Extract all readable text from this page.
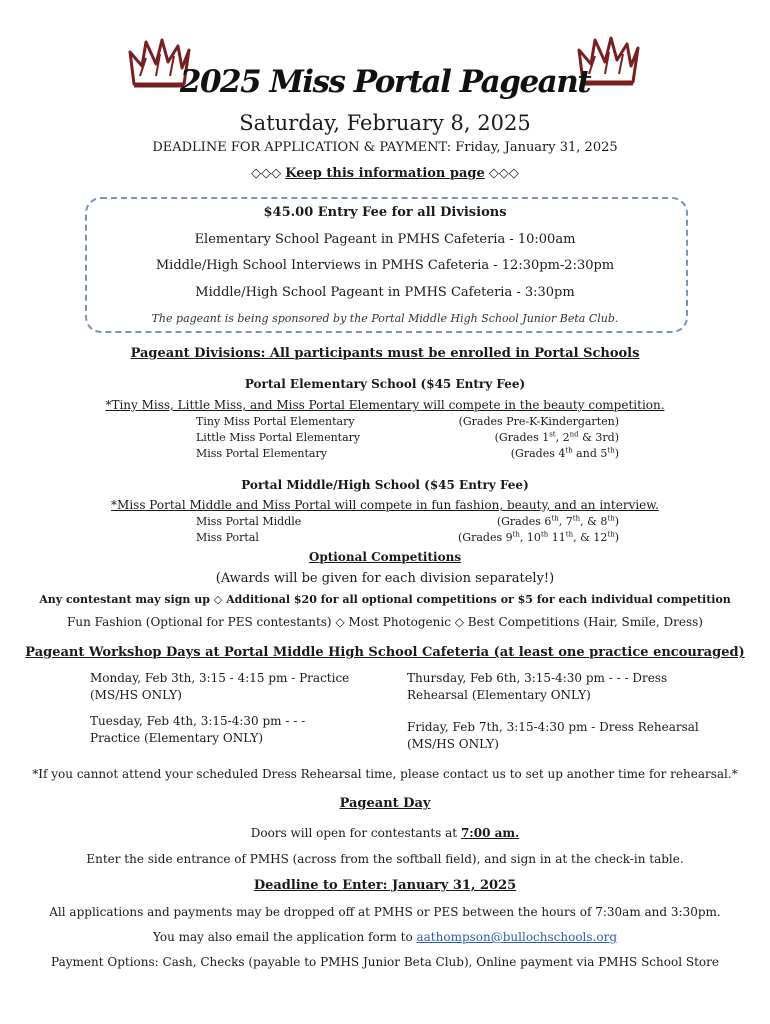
2025 Miss Portal Pageant
Saturday, February 8, 2025
DEADLINE FOR APPLICATION & PAYMENT: Friday, January 31, 2025
◇◇◇ Keep this information page ◇◇◇
$45.00 Entry Fee for all Divisions
Elementary School Pageant in PMHS Cafeteria - 10:00am
Middle/High School Interviews in PMHS Cafeteria - 12:30pm-2:30pm
Middle/High School Pageant in PMHS Cafeteria - 3:30pm
The pageant is being sponsored by the Portal Middle High School Junior Beta Club.
Pageant Divisions: All participants must be enrolled in Portal Schools
Portal Elementary School ($45 Entry Fee)
*Tiny Miss, Little Miss, and Miss Portal Elementary will compete in the beauty competition.
Tiny Miss Portal Elementary	(Grades Pre-K-Kindergarten)
Little Miss Portal Elementary	(Grades 1st, 2nd & 3rd)
Miss Portal Elementary	(Grades 4th and 5th)
Portal Middle/High School ($45 Entry Fee)
*Miss Portal Middle and Miss Portal will compete in fun fashion, beauty, and an interview.
Miss Portal Middle	(Grades 6th, 7th, & 8th)
Miss Portal	(Grades 9th, 10th 11th, & 12th)
Optional Competitions
(Awards will be given for each division separately!)
Any contestant may sign up ◇ Additional $20 for all optional competitions or $5 for each individual competition
Fun Fashion (Optional for PES contestants) ◇ Most Photogenic ◇ Best Competitions (Hair, Smile, Dress)
Pageant Workshop Days at Portal Middle High School Cafeteria (at least one practice encouraged)
Monday, Feb 3th, 3:15 - 4:15 pm - Practice (MS/HS ONLY)
Tuesday, Feb 4th, 3:15-4:30 pm - - - Practice (Elementary ONLY)
Thursday, Feb 6th, 3:15-4:30 pm - - - Dress Rehearsal (Elementary ONLY)
Friday, Feb 7th, 3:15-4:30 pm - Dress Rehearsal (MS/HS ONLY)
*If you cannot attend your scheduled Dress Rehearsal time, please contact us to set up another time for rehearsal.*
Pageant Day
Doors will open for contestants at 7:00 am.
Enter the side entrance of PMHS (across from the softball field), and sign in at the check-in table.
Deadline to Enter: January 31, 2025
All applications and payments may be dropped off at PMHS or PES between the hours of 7:30am and 3:30pm.
You may also email the application form to aathompson@bullochschools.org
Payment Options: Cash, Checks (payable to PMHS Junior Beta Club), Online payment via PMHS School Store
